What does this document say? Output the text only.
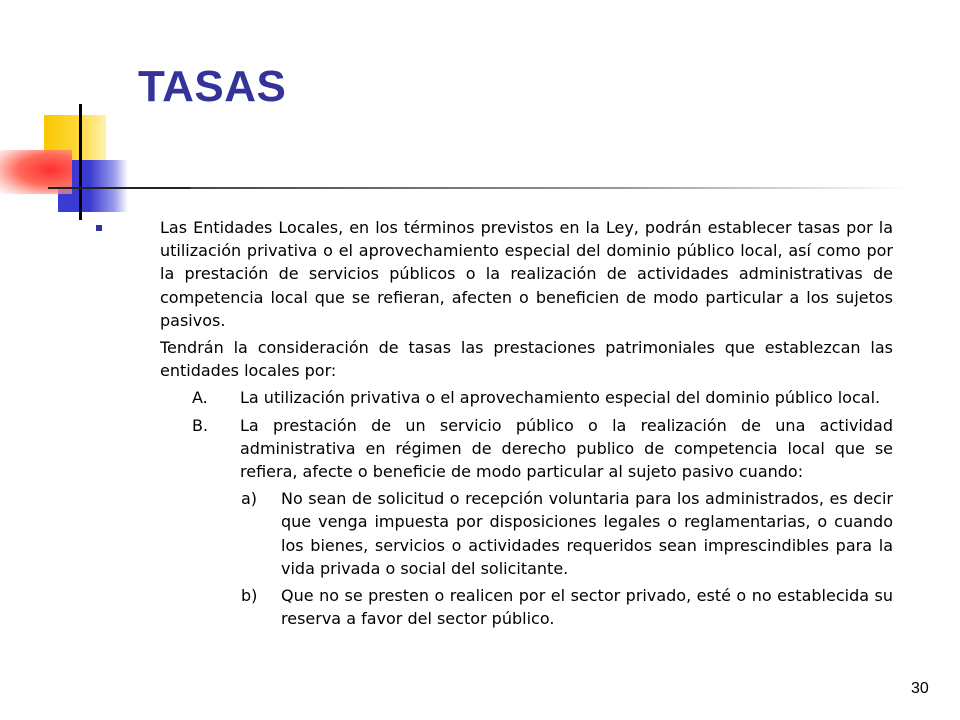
TASAS

Las Entidades Locales, en los términos previstos en la Ley, podrán establecer tasas por la utilización privativa o el aprovechamiento especial del dominio público local, así como por la prestación de servicios públicos o la realización de actividades administrativas de competencia local que se refieran, afecten o beneficien de modo particular a los sujetos pasivos.

Tendrán la consideración de tasas las prestaciones patrimoniales que establezcan las entidades locales por:

A. La utilización privativa o el aprovechamiento especial del dominio público local.
B. La prestación de un servicio público o la realización de una actividad administrativa en régimen de derecho publico de competencia local que se refiera, afecte o beneficie de modo particular al sujeto pasivo cuando:
a) No sean de solicitud o recepción voluntaria para los administrados, es decir que venga impuesta por disposiciones legales o reglamentarias, o cuando los bienes, servicios o actividades requeridos sean imprescindibles para la vida privada o social del solicitante.
b) Que no se presten o realicen por el sector privado, esté o no establecida su reserva a favor del sector público.
30
